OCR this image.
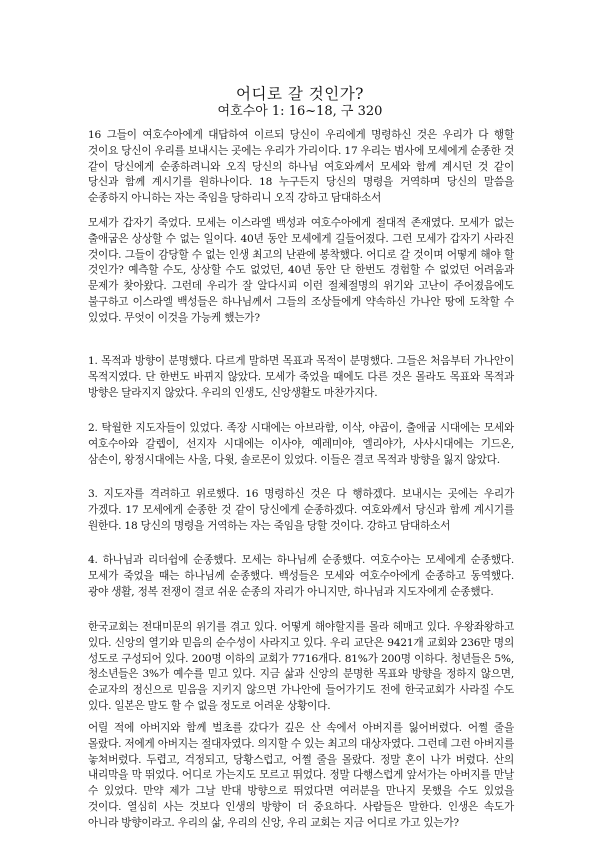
어디로 갈 것인가?
여호수아 1: 16~18, 구 320

16 그들이 여호수아에게 대답하여 이르되 당신이 우리에게 명령하신 것은 우리가 다 행할 것이요 당신이 우리를 보내시는 곳에는 우리가 가리이다. 17 우리는 범사에 모세에게 순종한 것 같이 당신에게 순종하려니와 오직 당신의 하나님 여호와께서 모세와 함께 계시던 것 같이 당신과 함께 계시기를 원하나이다. 18 누구든지 당신의 명령을 거역하며 당신의 말씀을 순종하지 아니하는 자는 죽임을 당하리니 오직 강하고 담대하소서

모세가 갑자기 죽었다. 모세는 이스라엘 백성과 여호수아에게 절대적 존재였다. 모세가 없는 출애굽은 상상할 수 없는 일이다. 40년 동안 모세에게 길들어졌다. 그런 모세가 갑자기 사라진 것이다. 그들이 감당할 수 없는 인생 최고의 난관에 봉착했다. 어디로 갈 것이며 어떻게 해야 할 것인가? 예측할 수도, 상상할 수도 없었던, 40년 동안 단 한번도 경험할 수 없었던 어려움과 문제가 찾아왔다. 그런데 우리가 잘 알다시피 이런 절체절명의 위기와 고난이 주어졌음에도 불구하고 이스라엘 백성들은 하나님께서 그들의 조상들에게 약속하신 가나안 땅에 도착할 수 있었다. 무엇이 이것을 가능케 했는가?

1. 목적과 방향이 분명했다. 다르게 말하면 목표과 목적이 분명했다. 그들은 처음부터 가나안이 목적지였다. 단 한번도 바뀌지 않았다. 모세가 죽었을 때에도 다른 것은 몰라도 목표와 목적과 방향은 달라지지 않았다. 우리의 인생도, 신앙생활도 마찬가지다.

2. 탁월한 지도자들이 있었다. 족장 시대에는 아브라함, 이삭, 야곱이, 출애굽 시대에는 모세와 여호수아와 갈렙이, 선지자 시대에는 이사야, 예레미야, 엘리야가, 사사시대에는 기드온, 삼손이, 왕정시대에는 사울, 다윗, 솔로몬이 있었다. 이들은 결코 목적과 방향을 잃지 않았다.

3. 지도자를 격려하고 위로했다. 16 명령하신 것은 다 행하겠다. 보내시는 곳에는 우리가 가겠다. 17 모세에게 순종한 것 같이 당신에게 순종하겠다. 여호와께서 당신과 함께 계시기를 원한다. 18 당신의 명령을 거역하는 자는 죽임을 당할 것이다. 강하고 담대하소서

4. 하나님과 리더쉽에 순종했다. 모세는 하나님께 순종했다. 여호수아는 모세에게 순종했다. 모세가 죽었을 때는 하나님께 순종했다. 백성들은 모세와 여호수아에게 순종하고 동역했다. 광야 생활, 정복 전쟁이 결코 쉬운 순종의 자리가 아니지만, 하나님과 지도자에게 순종했다.

한국교회는 전대미문의 위기를 겪고 있다. 어떻게 해야할지를 몰라 헤매고 있다. 우왕좌왕하고 있다. 신앙의 열기와 믿음의 순수성이 사라지고 있다. 우리 교단은 9421개 교회와 236만 명의 성도로 구성되어 있다. 200명 이하의 교회가 7716개다. 81%가 200명 이하다. 청년들은 5%, 청소년들은 3%가 예수를 믿고 있다. 지금 삶과 신앙의 분명한 목표와 방향을 정하지 않으면, 순교자의 정신으로 믿음을 지키지 않으면 가나안에 들어가기도 전에 한국교회가 사라질 수도 있다. 일본은 말도 할 수 없을 정도로 어려운 상황이다.

어릴 적에 아버지와 함께 벌초를 갔다가 깊은 산 속에서 아버지를 잃어버렸다. 어쩔 줄을 몰랐다. 저에게 아버지는 절대자였다. 의지할 수 있는 최고의 대상자였다. 그런데 그런 아버지를 놓쳐버렸다. 두렵고, 걱정되고, 당황스럽고, 어쩔 줄을 몰랐다. 정말 혼이 나가 버렸다. 산의 내리막을 막 뛰었다. 어디로 가는지도 모르고 뛰었다. 정말 다행스럽게 앞서가는 아버지를 만날 수 있었다. 만약 제가 그날 반대 방향으로 뛰었다면 여러분을 만나지 못했을 수도 있었을 것이다. 열심히 사는 것보다 인생의 방향이 더 중요하다. 사람들은 말한다. 인생은 속도가 아니라 방향이라고. 우리의 삶, 우리의 신앙, 우리 교회는 지금 어디로 가고 있는가?
